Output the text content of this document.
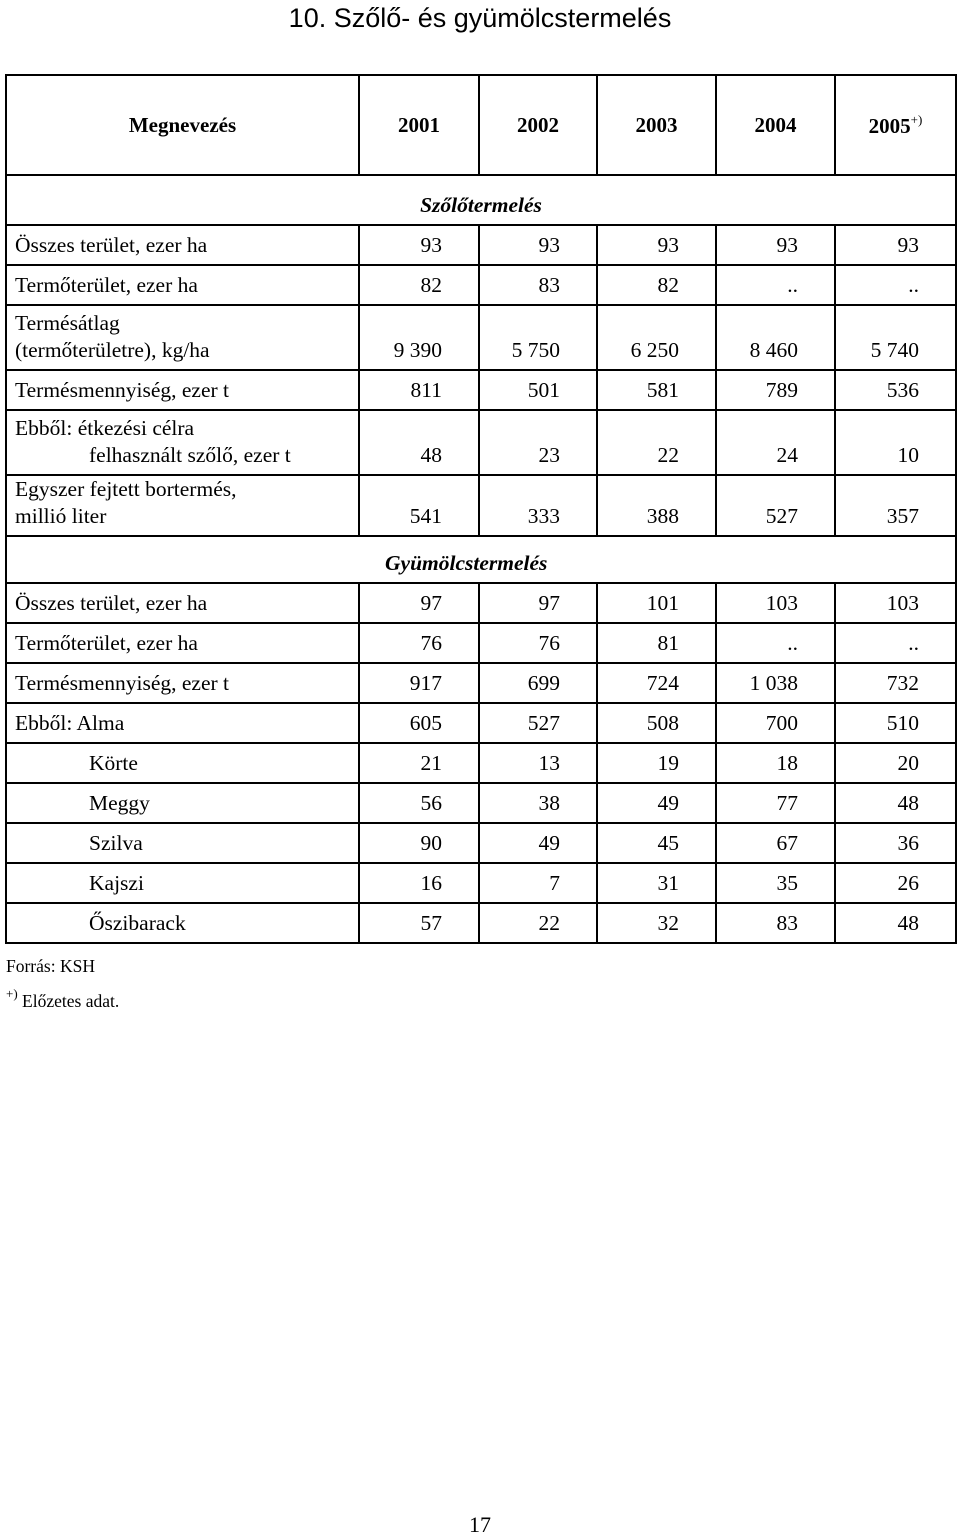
10. Szőlő- és gyümölcstermelés
Megnevezés	2001	2002	2003	2004	2005+)
Szőlőtermelés					
Összes terület, ezer ha	93	93	93	93	93
Termőterület, ezer ha	82	83	82	..	..

Termésátlag
(termőterületre), kg/ha	9 390	5 750	6 250	8 460	5 740
Termésmennyiség, ezer t	811	501	581	789	536

Ebből: étkezési célra
felhasznált szőlő, ezer t	48	23	22	24	10

Egyszer fejtett bortermés,
millió liter	541	333	388	527	357
Gyümölcstermelés					
Összes terület, ezer ha	97	97	101	103	103
Termőterület, ezer ha	76	76	81	..	..
Termésmennyiség, ezer t	917	699	724	1 038	732
Ebből: Alma	605	527	508	700	510
Körte	21	13	19	18	20
Meggy	56	38	49	77	48
Szilva	90	49	45	67	36
Kajszi	16	7	31	35	26
Őszibarack	57	22	32	83	48
Forrás: KSH
+) Előzetes adat.
17
